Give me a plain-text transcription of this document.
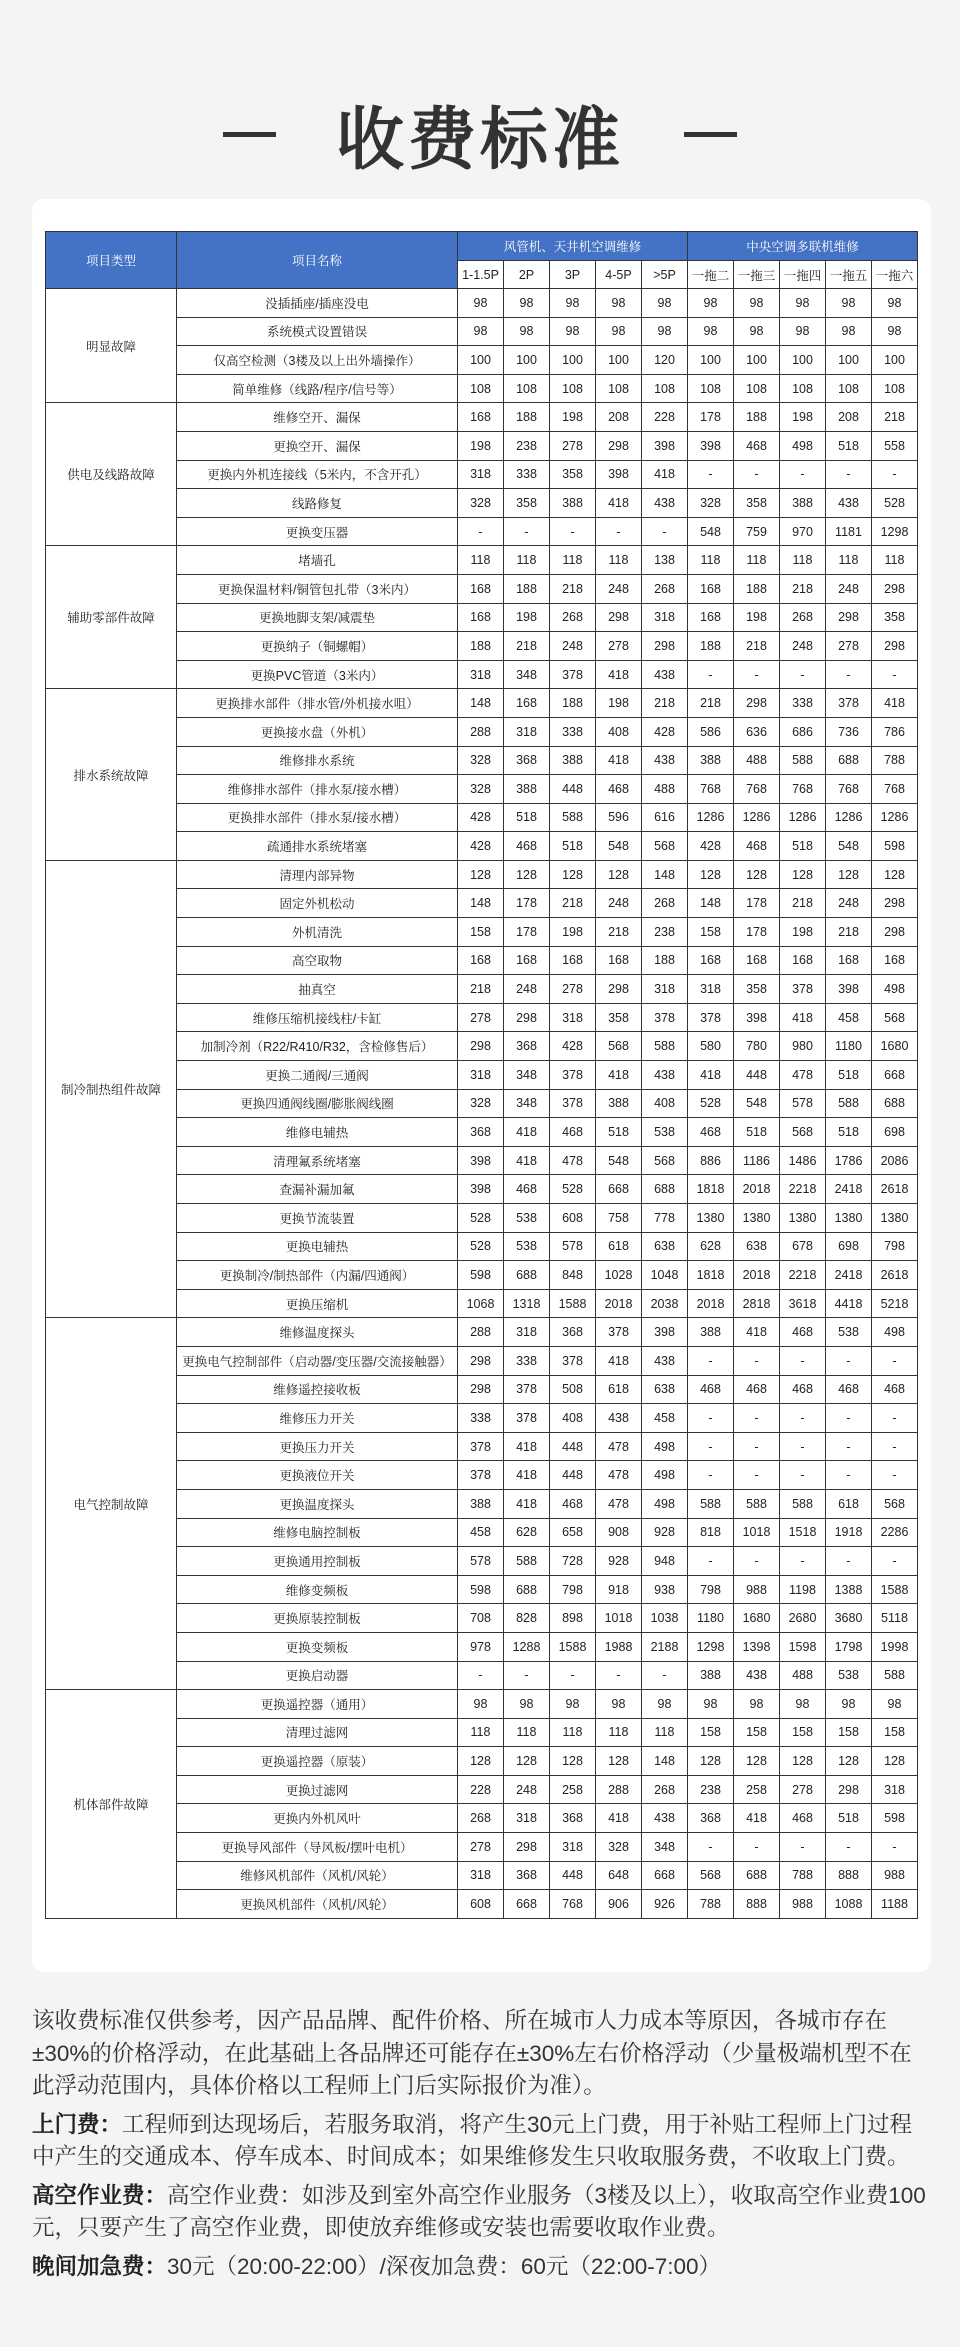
收费标准
项目类型	项目名称	风管机、天井机空调维修					中央空调多联机维修				
		1-1.5P	2P	3P	4-5P	>5P	一拖二	一拖三	一拖四	一拖五	一拖六
明显故障	没插插座/插座没电	98	98	98	98	98	98	98	98	98	98
	系统模式设置错误	98	98	98	98	98	98	98	98	98	98
	仅高空检测（3楼及以上出外墙操作）	100	100	100	100	120	100	100	100	100	100
	简单维修（线路/程序/信号等）	108	108	108	108	108	108	108	108	108	108
供电及线路故障	维修空开、漏保	168	188	198	208	228	178	188	198	208	218
	更换空开、漏保	198	238	278	298	398	398	468	498	518	558
	更换内外机连接线（5米内，不含开孔）	318	338	358	398	418	-	-	-	-	-
	线路修复	328	358	388	418	438	328	358	388	438	528
	更换变压器	-	-	-	-	-	548	759	970	1181	1298
辅助零部件故障	堵墙孔	118	118	118	118	138	118	118	118	118	118
	更换保温材料/铜管包扎带（3米内）	168	188	218	248	268	168	188	218	248	298
	更换地脚支架/减震垫	168	198	268	298	318	168	198	268	298	358
	更换纳子（铜螺帽）	188	218	248	278	298	188	218	248	278	298
	更换PVC管道（3米内）	318	348	378	418	438	-	-	-	-	-
排水系统故障	更换排水部件（排水管/外机接水咀）	148	168	188	198	218	218	298	338	378	418
	更换接水盘（外机）	288	318	338	408	428	586	636	686	736	786
	维修排水系统	328	368	388	418	438	388	488	588	688	788
	维修排水部件（排水泵/接水槽）	328	388	448	468	488	768	768	768	768	768
	更换排水部件（排水泵/接水槽）	428	518	588	596	616	1286	1286	1286	1286	1286
	疏通排水系统堵塞	428	468	518	548	568	428	468	518	548	598
制冷制热组件故障	清理内部异物	128	128	128	128	148	128	128	128	128	128
	固定外机松动	148	178	218	248	268	148	178	218	248	298
	外机清洗	158	178	198	218	238	158	178	198	218	298
	高空取物	168	168	168	168	188	168	168	168	168	168
	抽真空	218	248	278	298	318	318	358	378	398	498
	维修压缩机接线柱/卡缸	278	298	318	358	378	378	398	418	458	568
	加制冷剂（R22/R410/R32，含检修售后）	298	368	428	568	588	580	780	980	1180	1680
	更换二通阀/三通阀	318	348	378	418	438	418	448	478	518	668
	更换四通阀线圈/膨胀阀线圈	328	348	378	388	408	528	548	578	588	688
	维修电辅热	368	418	468	518	538	468	518	568	518	698
	清理氟系统堵塞	398	418	478	548	568	886	1186	1486	1786	2086
	查漏补漏加氟	398	468	528	668	688	1818	2018	2218	2418	2618
	更换节流装置	528	538	608	758	778	1380	1380	1380	1380	1380
	更换电辅热	528	538	578	618	638	628	638	678	698	798
	更换制冷/制热部件（内漏/四通阀）	598	688	848	1028	1048	1818	2018	2218	2418	2618
	更换压缩机	1068	1318	1588	2018	2038	2018	2818	3618	4418	5218
电气控制故障	维修温度探头	288	318	368	378	398	388	418	468	538	498
	更换电气控制部件（启动器/变压器/交流接触器）	298	338	378	418	438	-	-	-	-	-
	维修遥控接收板	298	378	508	618	638	468	468	468	468	468
	维修压力开关	338	378	408	438	458	-	-	-	-	-
	更换压力开关	378	418	448	478	498	-	-	-	-	-
	更换液位开关	378	418	448	478	498	-	-	-	-	-
	更换温度探头	388	418	468	478	498	588	588	588	618	568
	维修电脑控制板	458	628	658	908	928	818	1018	1518	1918	2286
	更换通用控制板	578	588	728	928	948	-	-	-	-	-
	维修变频板	598	688	798	918	938	798	988	1198	1388	1588
	更换原装控制板	708	828	898	1018	1038	1180	1680	2680	3680	5118
	更换变频板	978	1288	1588	1988	2188	1298	1398	1598	1798	1998
	更换启动器	-	-	-	-	-	388	438	488	538	588
机体部件故障	更换遥控器（通用）	98	98	98	98	98	98	98	98	98	98
	清理过滤网	118	118	118	118	118	158	158	158	158	158
	更换遥控器（原装）	128	128	128	128	148	128	128	128	128	128
	更换过滤网	228	248	258	288	268	238	258	278	298	318
	更换内外机风叶	268	318	368	418	438	368	418	468	518	598
	更换导风部件（导风板/摆叶电机）	278	298	318	328	348	-	-	-	-	-
	维修风机部件（风机/风轮）	318	368	448	648	668	568	688	788	888	988
	更换风机部件（风机/风轮）	608	668	768	906	926	788	888	988	1088	1188

该收费标准仅供参考，因产品品牌、配件价格、所在城市人力成本等原因，各城市存在±30%的价格浮动，在此基础上各品牌还可能存在±30%左右价格浮动（少量极端机型不在此浮动范围内，具体价格以工程师上门后实际报价为准）。

上门费：工程师到达现场后，若服务取消，将产生30元上门费，用于补贴工程师上门过程中产生的交通成本、停车成本、时间成本；如果维修发生只收取服务费，不收取上门费。

高空作业费：高空作业费：如涉及到室外高空作业服务（3楼及以上），收取高空作业费100元，只要产生了高空作业费，即使放弃维修或安装也需要收取作业费。

晚间加急费：30元（20:00-22:00）/深夜加急费：60元（22:00-7:00）
